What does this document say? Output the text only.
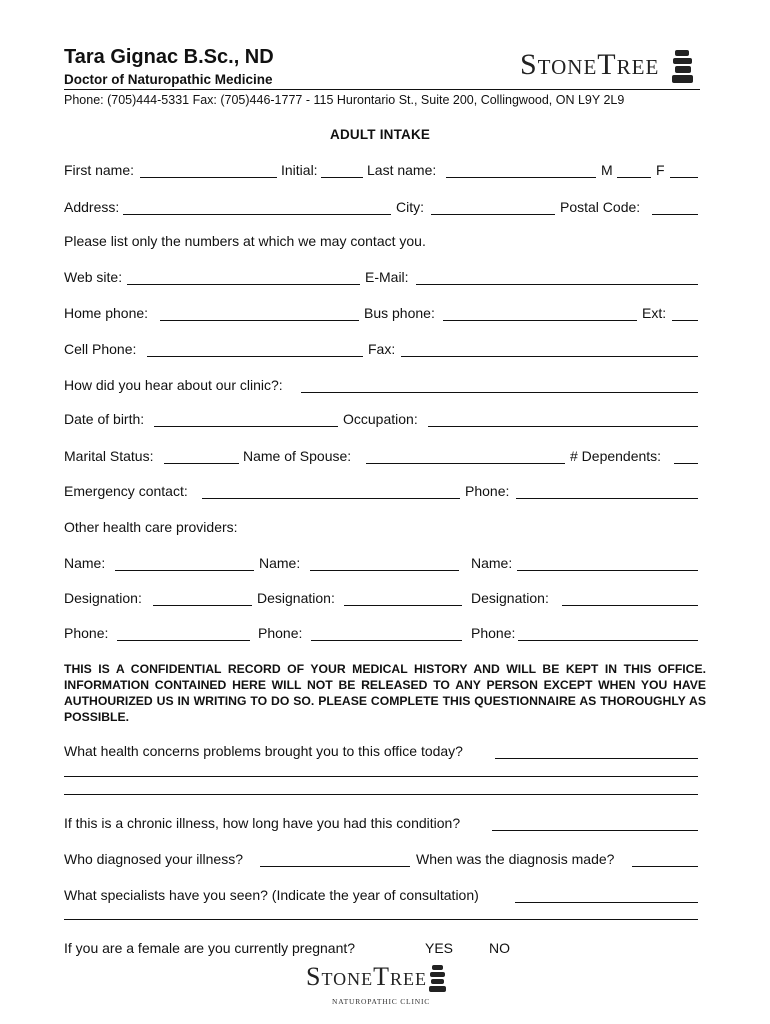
Tara Gignac B.Sc., ND
Doctor of Naturopathic Medicine
Phone: (705)444-5331 Fax: (705)446-1777 - 115 Hurontario St., Suite 200, Collingwood, ON L9Y 2L9
StoneTree
ADULT INTAKE
First name:	Initial:	Last name:	M	F
Address:	City:	Postal Code:
Please list only the numbers at which we may contact you.
Web site:	E-Mail:
Home phone:	Bus phone:	Ext:
Cell Phone:	Fax:
How did you hear about our clinic?:
Date of birth:	Occupation:
Marital Status:	Name of Spouse:	# Dependents:
Emergency contact:	Phone:
Other health care providers:
Name:	Name:	Name:
Designation:	Designation:	Designation:
Phone:	Phone:	Phone:
THIS IS A CONFIDENTIAL RECORD OF YOUR MEDICAL HISTORY AND WILL BE KEPT IN THIS OFFICE. INFORMATION CONTAINED HERE WILL NOT BE RELEASED TO ANY PERSON EXCEPT WHEN YOU HAVE AUTHOURIZED US IN WRITING TO DO SO. PLEASE COMPLETE THIS QUESTIONNAIRE AS THOROUGHLY AS POSSIBLE.
What health concerns problems brought you to this office today?
If this is a chronic illness, how long have you had this condition?
Who diagnosed your illness?	When was the diagnosis made?
What specialists have you seen? (Indicate the year of consultation)
If you are a female are you currently pregnant?	YES	NO
StoneTree
NATUROPATHIC CLINIC
